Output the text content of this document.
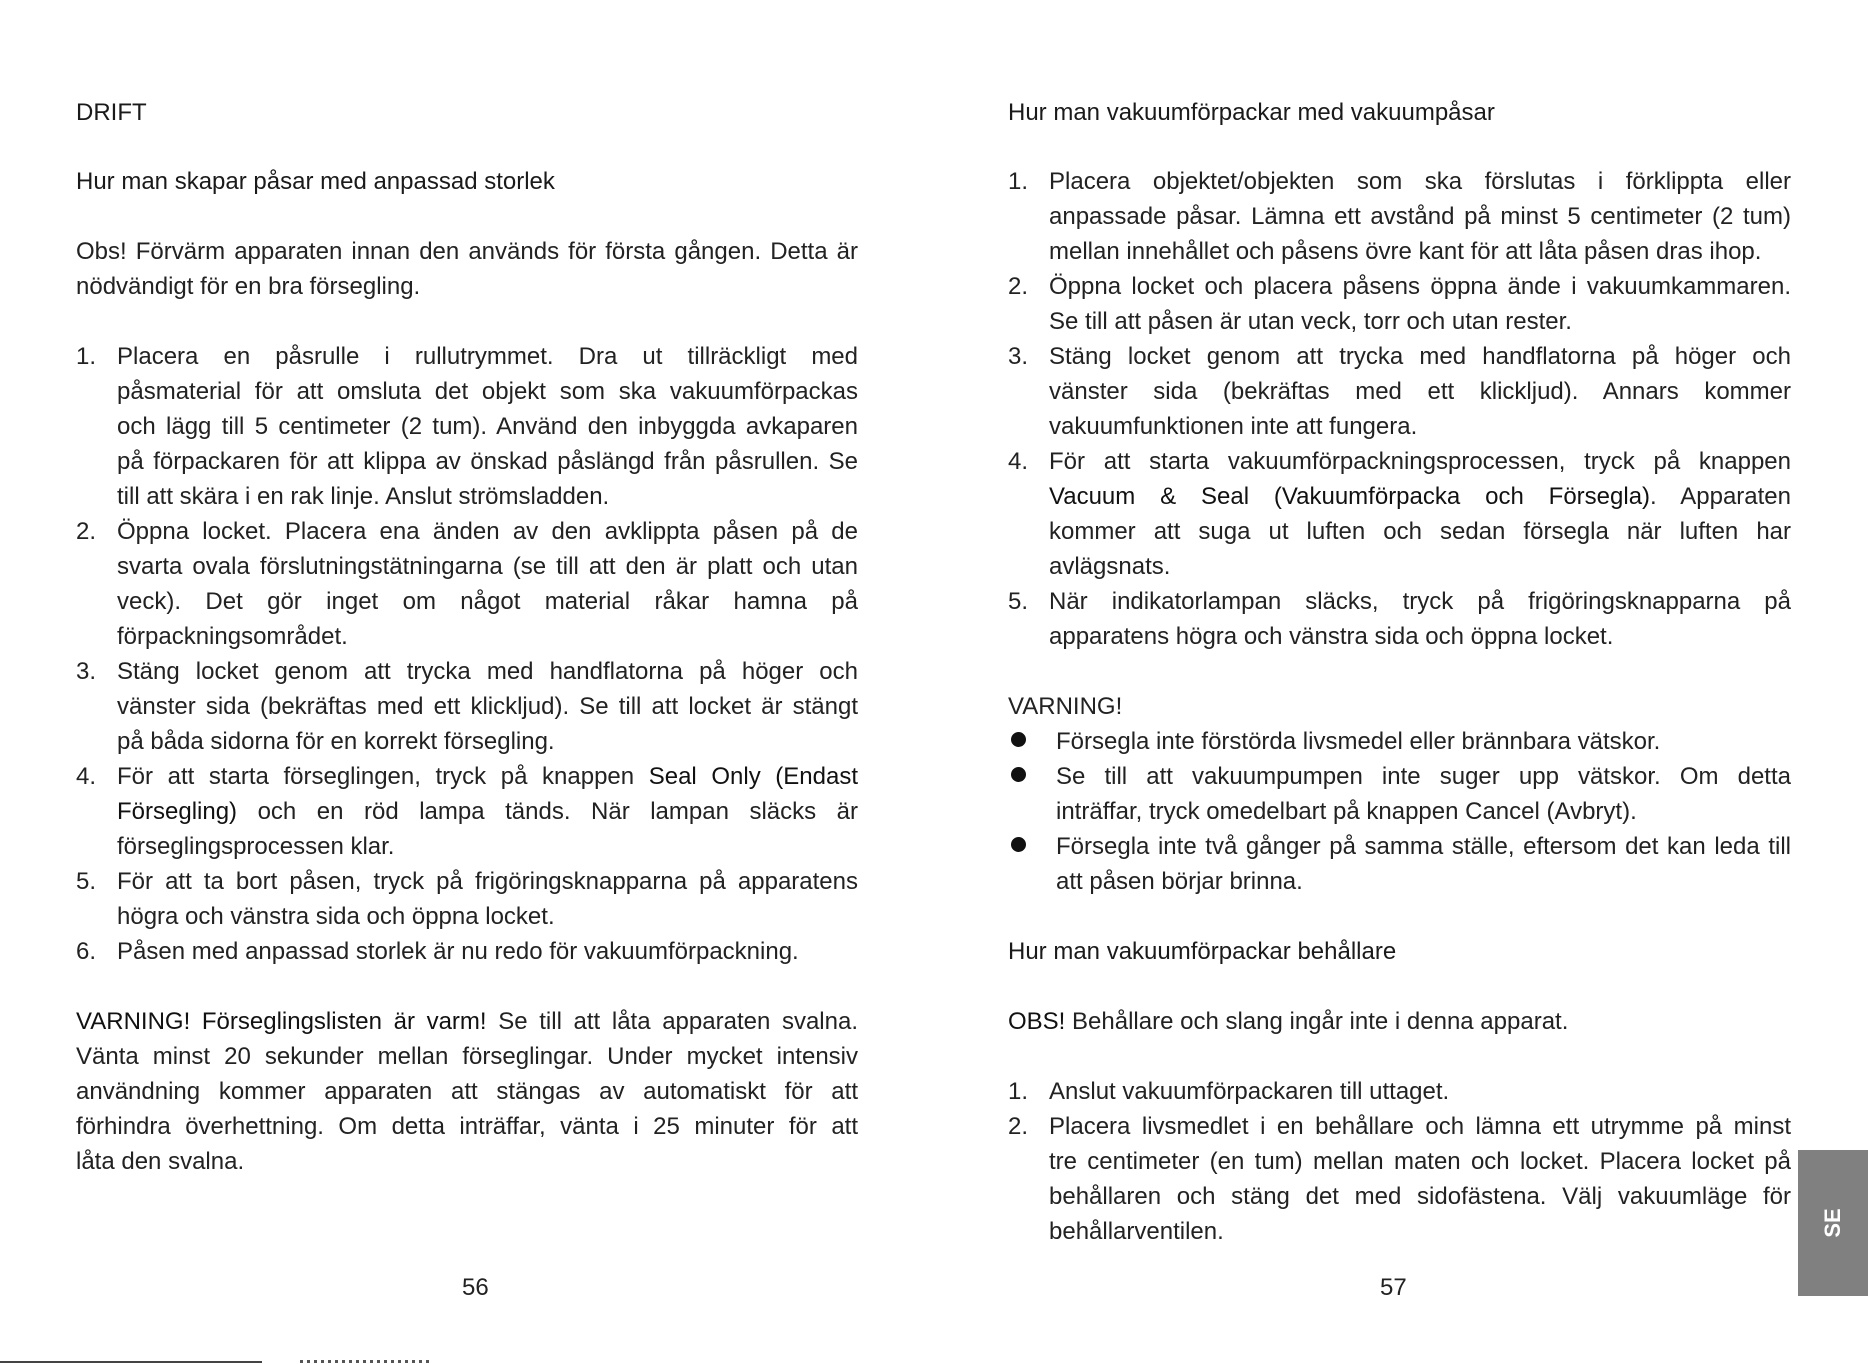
DRIFT
Hur man skapar påsar med anpassad storlek
Obs! Förvärm apparaten innan den används för första gången. Detta är
nödvändigt för en bra försegling.
1. Placera en påsrulle i rullutrymmet. Dra ut tillräckligt med
påsmaterial för att omsluta det objekt som ska vakuumförpackas
och lägg till 5 centimeter (2 tum). Använd den inbyggda avkaparen
på förpackaren för att klippa av önskad påslängd från påsrullen. Se
till att skära i en rak linje. Anslut strömsladden.
2. Öppna locket. Placera ena änden av den avklippta påsen på de
svarta ovala förslutningstätningarna (se till att den är platt och utan
veck). Det gör inget om något material råkar hamna på
förpackningsområdet.
3. Stäng locket genom att trycka med handflatorna på höger och
vänster sida (bekräftas med ett klickljud). Se till att locket är stängt
på båda sidorna för en korrekt försegling.
4. För att starta förseglingen, tryck på knappen Seal Only (Endast
Försegling) och en röd lampa tänds. När lampan släcks är
förseglingsprocessen klar.
5. För att ta bort påsen, tryck på frigöringsknapparna på apparatens
högra och vänstra sida och öppna locket.
6. Påsen med anpassad storlek är nu redo för vakuumförpackning.
VARNING! Förseglingslisten är varm! Se till att låta apparaten svalna.
Vänta minst 20 sekunder mellan förseglingar. Under mycket intensiv
användning kommer apparaten att stängas av automatiskt för att
förhindra överhettning. Om detta inträffar, vänta i 25 minuter för att
låta den svalna.
56
Hur man vakuumförpackar med vakuumpåsar
1. Placera objektet/objekten som ska förslutas i förklippta eller
anpassade påsar. Lämna ett avstånd på minst 5 centimeter (2 tum)
mellan innehållet och påsens övre kant för att låta påsen dras ihop.
2. Öppna locket och placera påsens öppna ände i vakuumkammaren.
Se till att påsen är utan veck, torr och utan rester.
3. Stäng locket genom att trycka med handflatorna på höger och
vänster sida (bekräftas med ett klickljud). Annars kommer
vakuumfunktionen inte att fungera.
4. För att starta vakuumförpackningsprocessen, tryck på knappen
Vacuum & Seal (Vakuumförpacka och Försegla). Apparaten
kommer att suga ut luften och sedan försegla när luften har
avlägsnats.
5. När indikatorlampan släcks, tryck på frigöringsknapparna på
apparatens högra och vänstra sida och öppna locket.
VARNING!
Försegla inte förstörda livsmedel eller brännbara vätskor.
Se till att vakuumpumpen inte suger upp vätskor. Om detta
inträffar, tryck omedelbart på knappen Cancel (Avbryt).
Försegla inte två gånger på samma ställe, eftersom det kan leda till
att påsen börjar brinna.
Hur man vakuumförpackar behållare
OBS! Behållare och slang ingår inte i denna apparat.
1. Anslut vakuumförpackaren till uttaget.
2. Placera livsmedlet i en behållare och lämna ett utrymme på minst
tre centimeter (en tum) mellan maten och locket. Placera locket på
behållaren och stäng det med sidofästena. Välj vakuumläge för
behållarventilen.
57
SE
